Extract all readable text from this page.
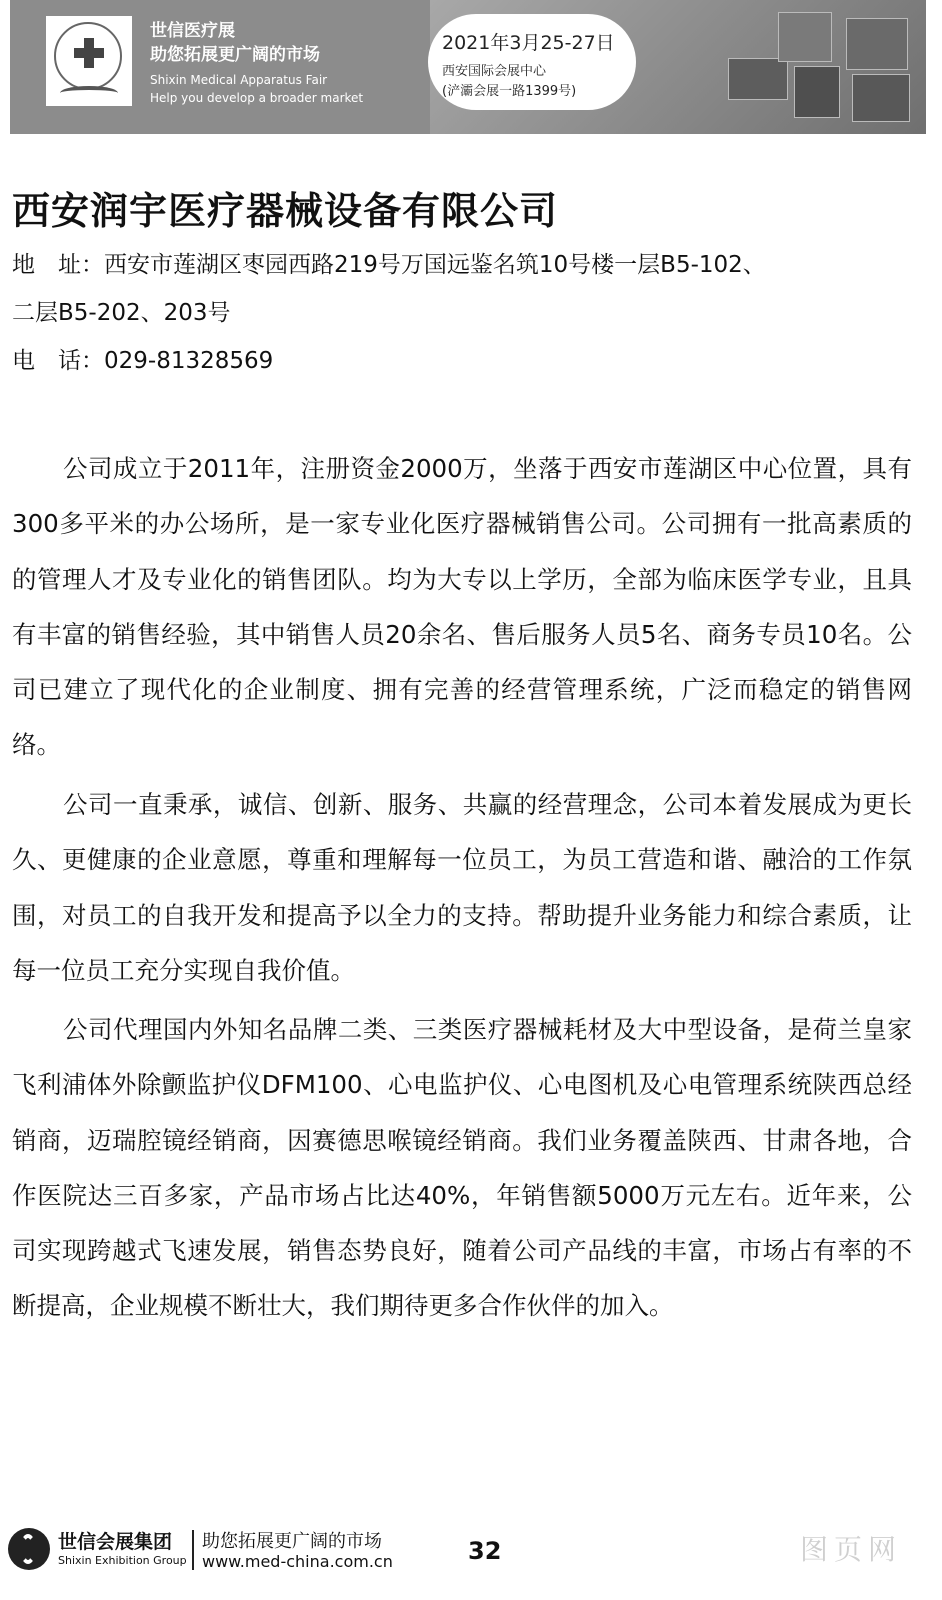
世信医疗展
助您拓展更广阔的市场
Shixin Medical Apparatus Fair
Help you develop a broader market
2021年3月25-27日
西安国际会展中心
(浐灞会展一路1399号)
西安润宇医疗器械设备有限公司
地　址：西安市莲湖区枣园西路219号万国远鉴名筑10号楼一层B5-102、
二层B5-202、203号
电　话：029-81328569

公司成立于2011年，注册资金2000万，坐落于西安市莲湖区中心位置，具有300多平米的办公场所，是一家专业化医疗器械销售公司。公司拥有一批高素质的的管理人才及专业化的销售团队。均为大专以上学历，全部为临床医学专业，且具有丰富的销售经验，其中销售人员20余名、售后服务人员5名、商务专员10名。公司已建立了现代化的企业制度、拥有完善的经营管理系统，广泛而稳定的销售网络。

公司一直秉承，诚信、创新、服务、共赢的经营理念，公司本着发展成为更长久、更健康的企业意愿，尊重和理解每一位员工，为员工营造和谐、融洽的工作氛围，对员工的自我开发和提高予以全力的支持。帮助提升业务能力和综合素质，让每一位员工充分实现自我价值。

公司代理国内外知名品牌二类、三类医疗器械耗材及大中型设备，是荷兰皇家飞利浦体外除颤监护仪DFM100、心电监护仪、心电图机及心电管理系统陕西总经销商，迈瑞腔镜经销商，因赛德思喉镜经销商。我们业务覆盖陕西、甘肃各地，合作医院达三百多家，产品市场占比达40%，年销售额5000万元左右。近年来，公司实现跨越式飞速发展，销售态势良好，随着公司产品线的丰富，市场占有率的不断提高，企业规模不断壮大，我们期待更多合作伙伴的加入。

世信会展集团
Shixin Exhibition Group
助您拓展更广阔的市场
www.med-china.com.cn	32	图页网
